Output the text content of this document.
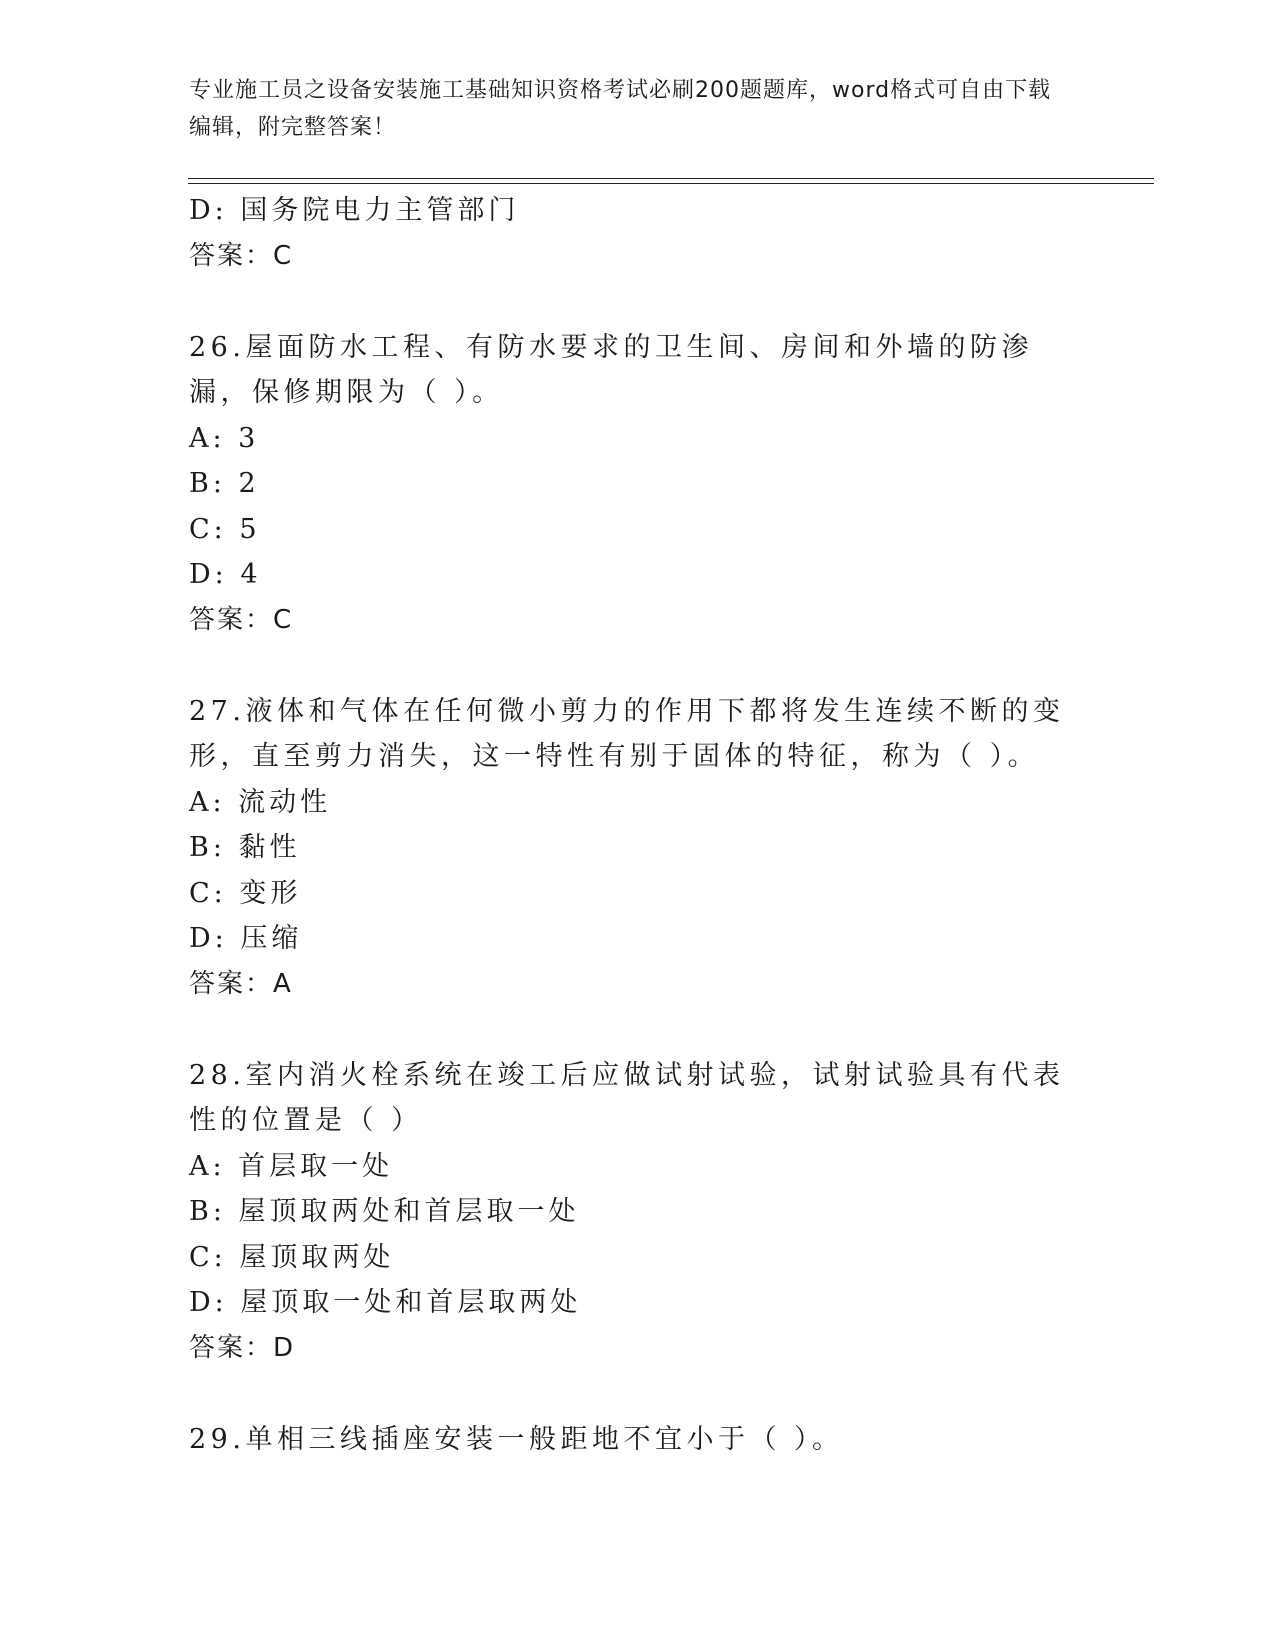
专业施工员之设备安装施工基础知识资格考试必刷200题题库，word格式可自由下载编辑，附完整答案！
D: 国务院电力主管部门
答案：C
26.屋面防水工程、有防水要求的卫生间、房间和外墙的防渗漏，保修期限为（ ）。
A: 3
B: 2
C: 5
D: 4
答案：C
27.液体和气体在任何微小剪力的作用下都将发生连续不断的变形，直至剪力消失，这一特性有别于固体的特征，称为（ ）。
A: 流动性
B: 黏性
C: 变形
D: 压缩
答案：A
28.室内消火栓系统在竣工后应做试射试验，试射试验具有代表性的位置是（ ）
A: 首层取一处
B: 屋顶取两处和首层取一处
C: 屋顶取两处
D: 屋顶取一处和首层取两处
答案：D
29.单相三线插座安装一般距地不宜小于（ ）。
